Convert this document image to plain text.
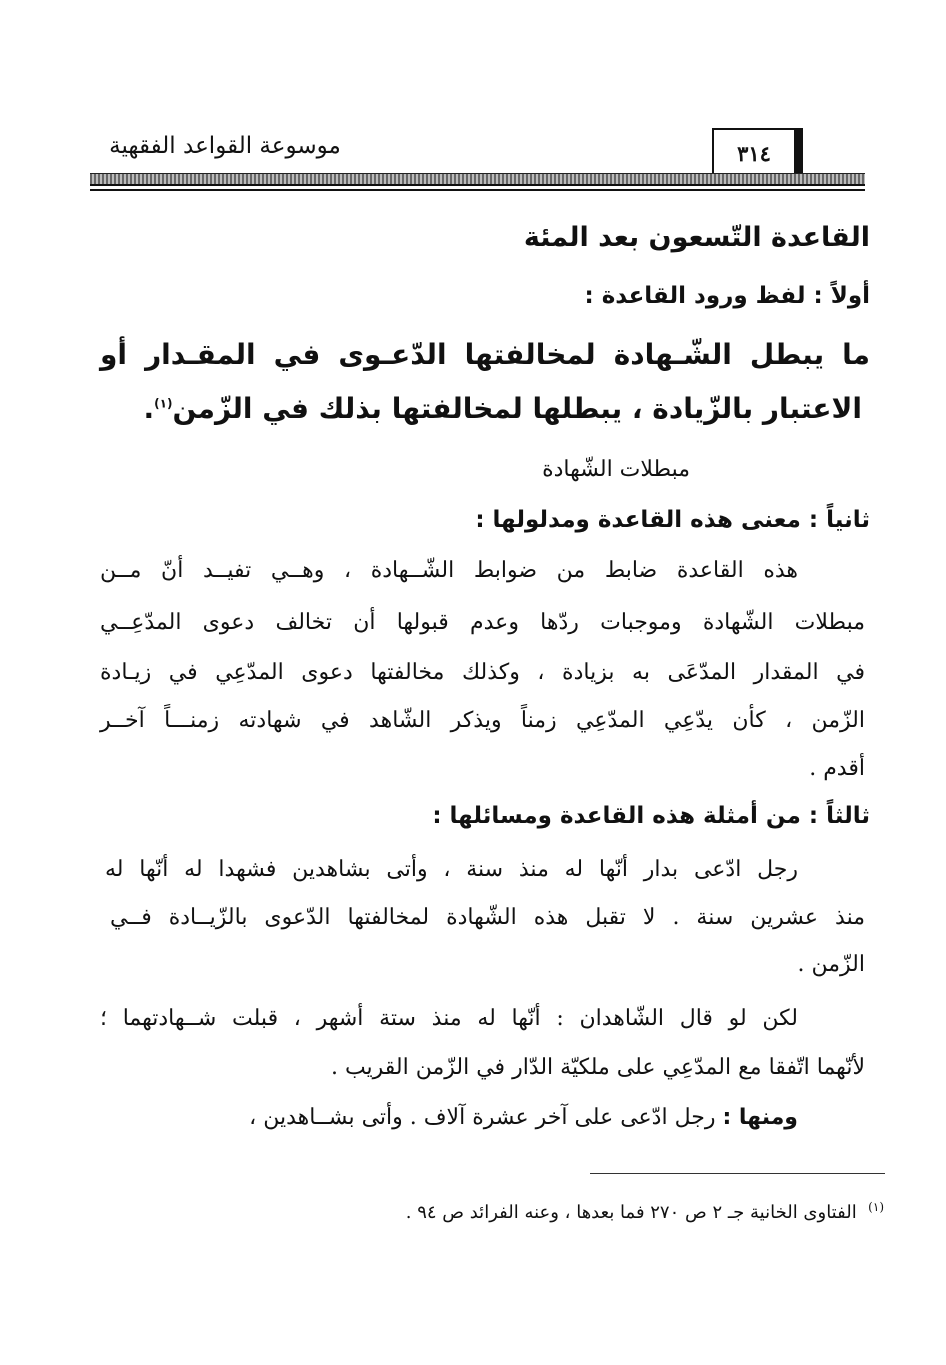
٣١٤
موسوعة القواعد الفقهية
القاعدة التّسعون بعد المئة
أولاً : لفظ ورود القاعدة :
ما يبطل الشّـهادة لمخالفتها الدّعـوى في المقـدار أو
الاعتبار بالزّيادة ، يبطلها لمخالفتها بذلك في الزّمن$^{(١)}$.
مبطلات الشّهادة
ثانياً : معنى هذه القاعدة ومدلولها :
هذه القاعدة ضابط من ضوابط الشّــهادة ، وهــي تفيــد أنّ مــن
مبطلات الشّهادة وموجبات ردّها وعدم قبولها أن تخالف دعوى المدّعِــي
في المقدار المدّعَى به بزيادة ، وكذلك مخالفتها دعوى المدّعِي في زيـادة
الزّمن ، كأن يدّعِي المدّعِي زمناً ويذكر الشّاهد في شهادته زمنـــاً آخــر
أقدم .
ثالثاً : من أمثلة هذه القاعدة ومسائلها :
رجل ادّعى بدار أنّها له منذ سنة ، وأتى بشاهدين فشهدا له أنّها له
منذ عشرين سنة . لا تقبل هذه الشّهادة لمخالفتها الدّعوى بالزّيــادة فــي
الزّمن .
لكن لو قال الشّاهدان : أنّها له منذ ستة أشهر ، قبلت شــهادتهما ؛
لأنّهما اتّفقا مع المدّعِي على ملكيّة الدّار في الزّمن القريب .
ومنها : رجل ادّعى على آخر عشرة آلاف . وأتى بشــاهدين ،
$^{(١)}$  الفتاوى الخانية جـ ٢ ص ٢٧٠ فما بعدها ، وعنه الفرائد ص ٩٤ .
